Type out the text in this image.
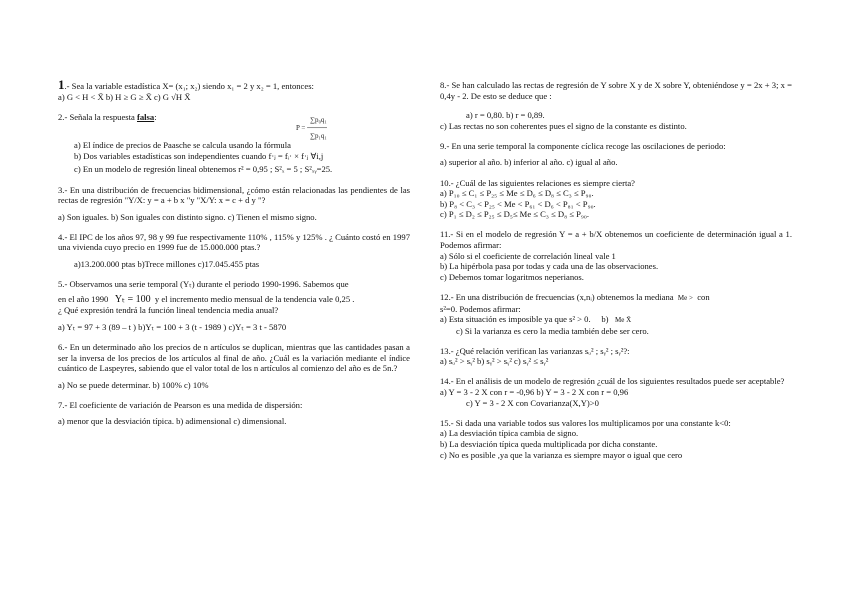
1.- Sea la variable estadística X= (x₁; x₂) siendo x₁ = 2 y x₂ = 1, entonces:
a) G < H < X̄ b) H ≥ G ≥ X̄ c) G √H X̄
2.- Señala la respuesta falsa:	∑p₀q₁
P = ────
∑p₁q₁
a) El índice de precios de Paasche se calcula usando la fórmula
b) Dos variables estadísticas son independientes cuando f·ⱼ = fᵢ· × f·ⱼ ∀i,j
c) En un modelo de regresión lineal obtenemos r² = 0,95 ; S²ₓ = 5 ; S²ₓᵧ=25.
3.- En una distribución de frecuencias bidimensional, ¿cómo están relacionadas las pendientes de las rectas de regresión "Y/X: y = a + b x "y "X/Y: x = c + d y "?
a) Son iguales. b) Son iguales con distinto signo. c) Tienen el mismo signo.
4.- El IPC de los años 97, 98 y 99 fue respectivamente 110% , 115% y 125% . ¿ Cuánto costó en 1997 una vivienda cuyo precio en 1999 fue de 15.000.000 ptas.?
a)13.200.000 ptas b)Trece millones c)17.045.455 ptas
5.- Observamos una serie temporal (Yₜ) durante el periodo 1990-1996. Sabemos que
en el año 1990 Yₜ = 100 y el incremento medio mensual de la tendencia vale 0,25 .
¿ Qué expresión tendrá la función lineal tendencia media anual?
a) Yₜ = 97 + 3 (89 – t ) b)Yₜ = 100 + 3 (t - 1989 ) c)Yₜ = 3 t - 5870
6.- En un determinado año los precios de n artículos se duplican, mientras que las cantidades pasan a ser la inversa de los precios de los artículos al final de año. ¿Cuál es la variación mediante el índice cuántico de Laspeyres, sabiendo que el valor total de los n artículos al comienzo del año es de 5n.?
a) No se puede determinar. b) 100% c) 10%
7.- El coeficiente de variación de Pearson es una medida de dispersión:
a) menor que la desviación típica. b) adimensional c) dimensional.
8.- Se han calculado las rectas de regresión de Y sobre X y de X sobre Y, obteniéndose y = 2x + 3; x = 0,4y - 2. De esto se deduce que :
a) r = 0,80. b) r = 0,89.
c) Las rectas no son coherentes pues el signo de la constante es distinto.
9.- En una serie temporal la componente cíclica recoge las oscilaciones de periodo:
a) superior al año. b) inferior al año. c) igual al año.
10.- ¿Cuál de las siguientes relaciones es siempre cierta?
a) P₁₀ ≤ C₁ ≤ P₂₅ ≤ Me ≤ D₆ ≤ D₈ ≤ C₃ ≤ P₉₀.
b) P₈ < C₃ < P₂₅ < Me < P₆₁ < D₆ < P₈₁ < P₉₀.
c) P₁ ≤ D₂ ≤ P₂₅ ≤ D₅≤ Me ≤ C₃ ≤ D₈ ≤ P₉₀.
11.- Si en el modelo de regresión Y = a + b/X obtenemos un coeficiente de determinación igual a 1. Podemos afirmar:
a) Sólo si el coeficiente de correlación lineal vale 1
b) La hipérbola pasa por todas y cada una de las observaciones.
c) Debemos tomar logaritmos neperianos.
12.- En una distribución de frecuencias (x,nᵢ) obtenemos la mediana Me > con
s²=0. Podemos afirmar:
a) Esta situación es imposible ya que s² > 0. b) Me X̄
c) Si la varianza es cero la media también debe ser cero.
13.- ¿Qué relación verifican las varianzas sᵤ² ; sᵧ² ; sᵧ²?:
a) sᵤ² > sᵧ² b) sᵧ² > sᵧ² c) sᵧ² ≤ sᵧ²
14.- En el análisis de un modelo de regresión ¿cuál de los siguientes resultados puede ser aceptable?
a) Y = 3 - 2 X con r = -0,96 b) Y = 3 - 2 X con r = 0,96
c) Y = 3 - 2 X con Covarianza(X,Y)>0
15.- Si dada una variable todos sus valores los multiplicamos por una constante k<0:
a) La desviación típica cambia de signo.
b) La desviación típica queda multiplicada por dicha constante.
c) No es posible ,ya que la varianza es siempre mayor o igual que cero
